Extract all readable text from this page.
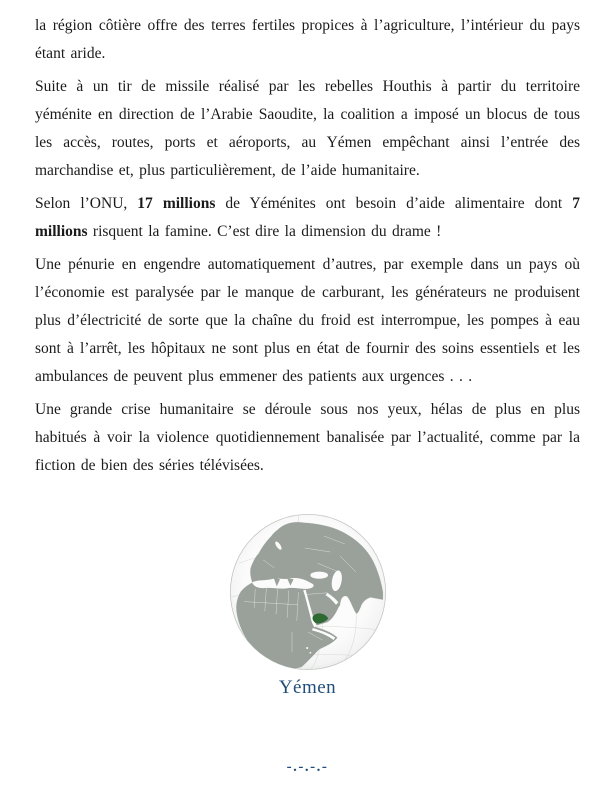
la région côtière offre des terres fertiles propices à l’agriculture, l’intérieur du pays étant aride.

Suite à un tir de missile réalisé par les rebelles Houthis à partir du territoire yéménite en direction de l’Arabie Saoudite, la coalition a imposé un blocus de tous les accès, routes, ports et aéroports, au Yémen empêchant ainsi l’entrée des marchandise et, plus particulièrement, de l’aide humanitaire.

Selon l’ONU, 17 millions de Yéménites ont besoin d’aide alimentaire dont 7 millions risquent la famine. C’est dire la dimension du drame !

Une pénurie en engendre automatiquement d’autres, par exemple dans un pays où l’économie est paralysée par le manque de carburant, les générateurs ne produisent plus d’électricité de sorte que la chaîne du froid est interrompue, les pompes à eau sont à l’arrêt, les hôpitaux ne sont plus en état de fournir des soins essentiels et les ambulances de peuvent plus emmener des patients aux urgences . . .

Une grande crise humanitaire se déroule sous nos yeux, hélas de plus en plus habitués à voir la violence quotidiennement banalisée par l’actualité, comme par la fiction de bien des séries télévisées.

Yémen
-.-.-.-
